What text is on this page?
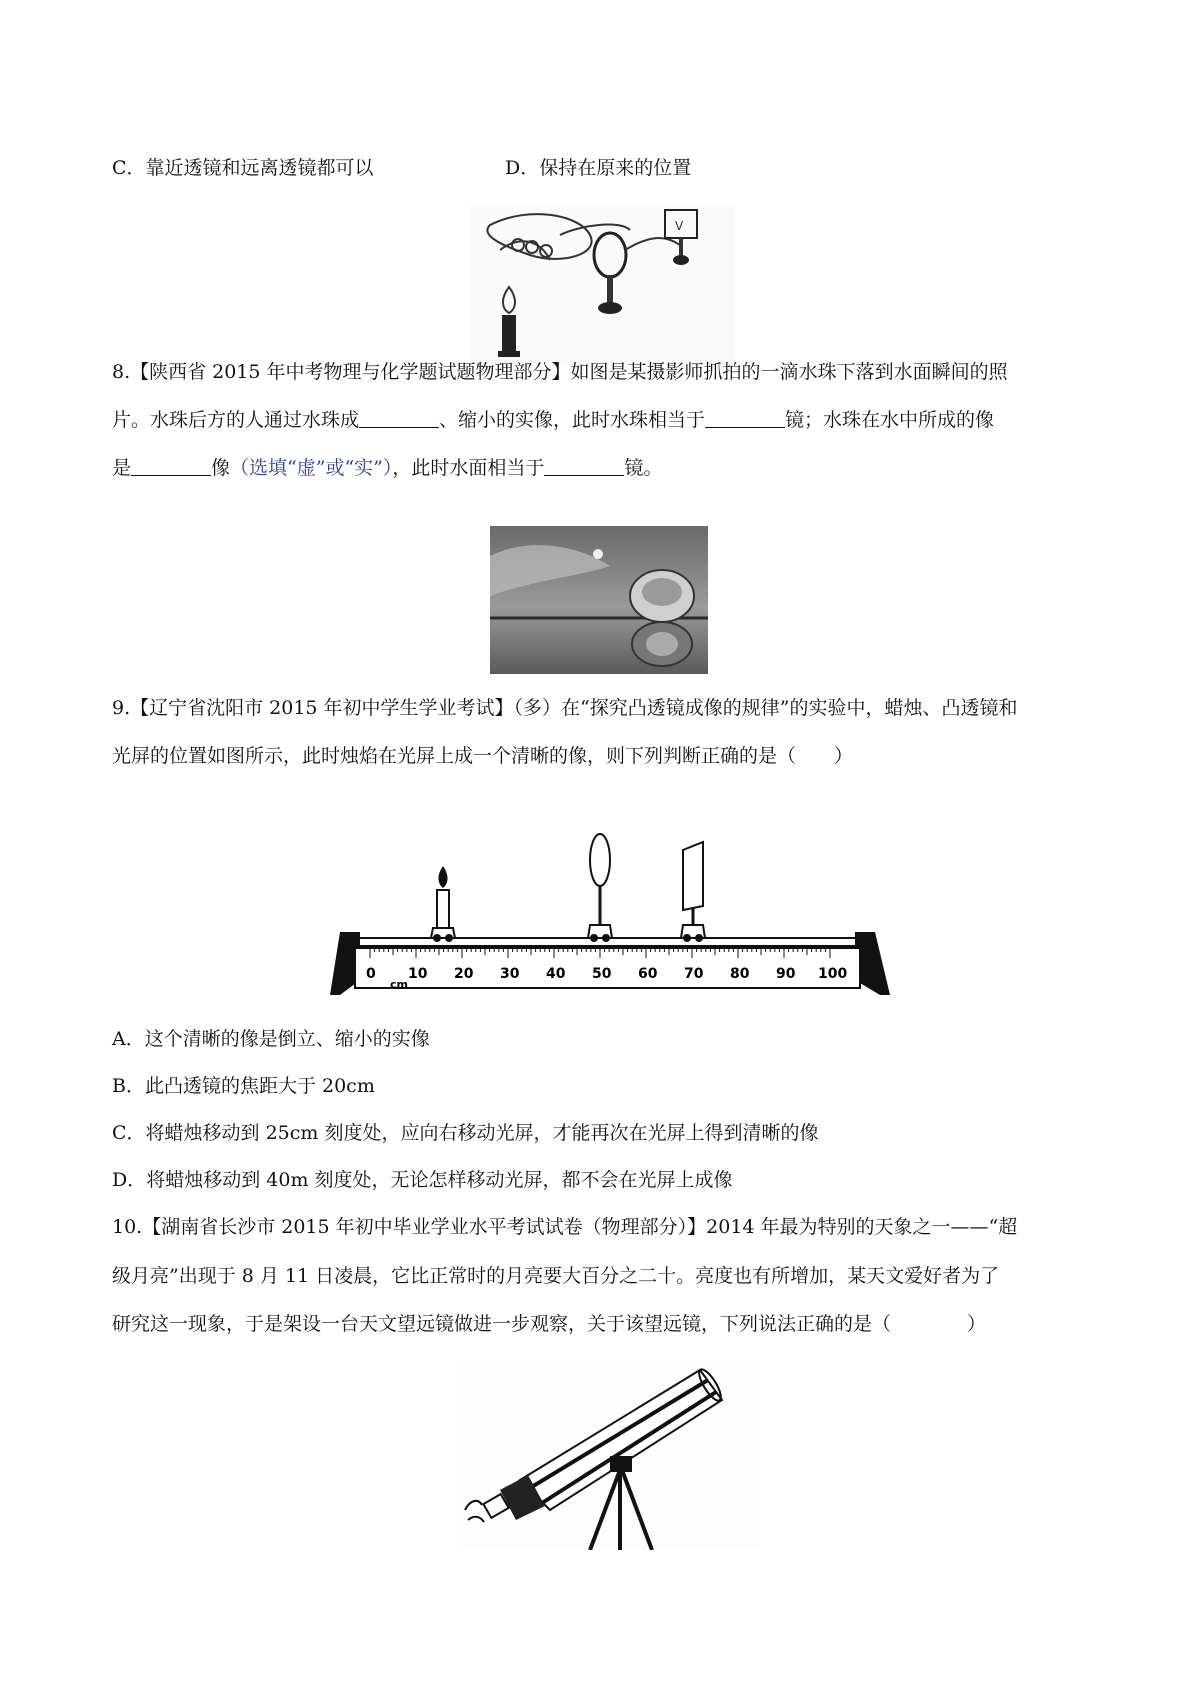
C．靠近透镜和远离透镜都可以	D．保持在原来的位置
V
8.【陕西省 2015 年中考物理与化学题试题物理部分】如图是某摄影师抓拍的一滴水珠下落到水面瞬间的照
片。水珠后方的人通过水珠成	、缩小的实像，此时水珠相当于	镜；水珠在水中所成的像
是	像（选填“虚”或“实”），此时水面相当于	镜。
9.【辽宁省沈阳市 2015 年初中学生学业考试】（多）在“探究凸透镜成像的规律”的实验中，蜡烛、凸透镜和
光屏的位置如图所示，此时烛焰在光屏上成一个清晰的像，则下列判断正确的是（　　）
0 10 20 30 40 50 60 70 80 90 100
cm
A．这个清晰的像是倒立、缩小的实像
B．此凸透镜的焦距大于 20cm
C．将蜡烛移动到 25cm 刻度处，应向右移动光屏，才能再次在光屏上得到清晰的像
D．将蜡烛移动到 40m 刻度处，无论怎样移动光屏，都不会在光屏上成像
10.【湖南省长沙市 2015 年初中毕业学业水平考试试卷（物理部分）】2014 年最为特别的天象之一——“超
级月亮”出现于 8 月 11 日凌晨，它比正常时的月亮要大百分之二十。亮度也有所增加，某天文爱好者为了
研究这一现象，于是架设一台天文望远镜做进一步观察，关于该望远镜，下列说法正确的是（　　　　）
